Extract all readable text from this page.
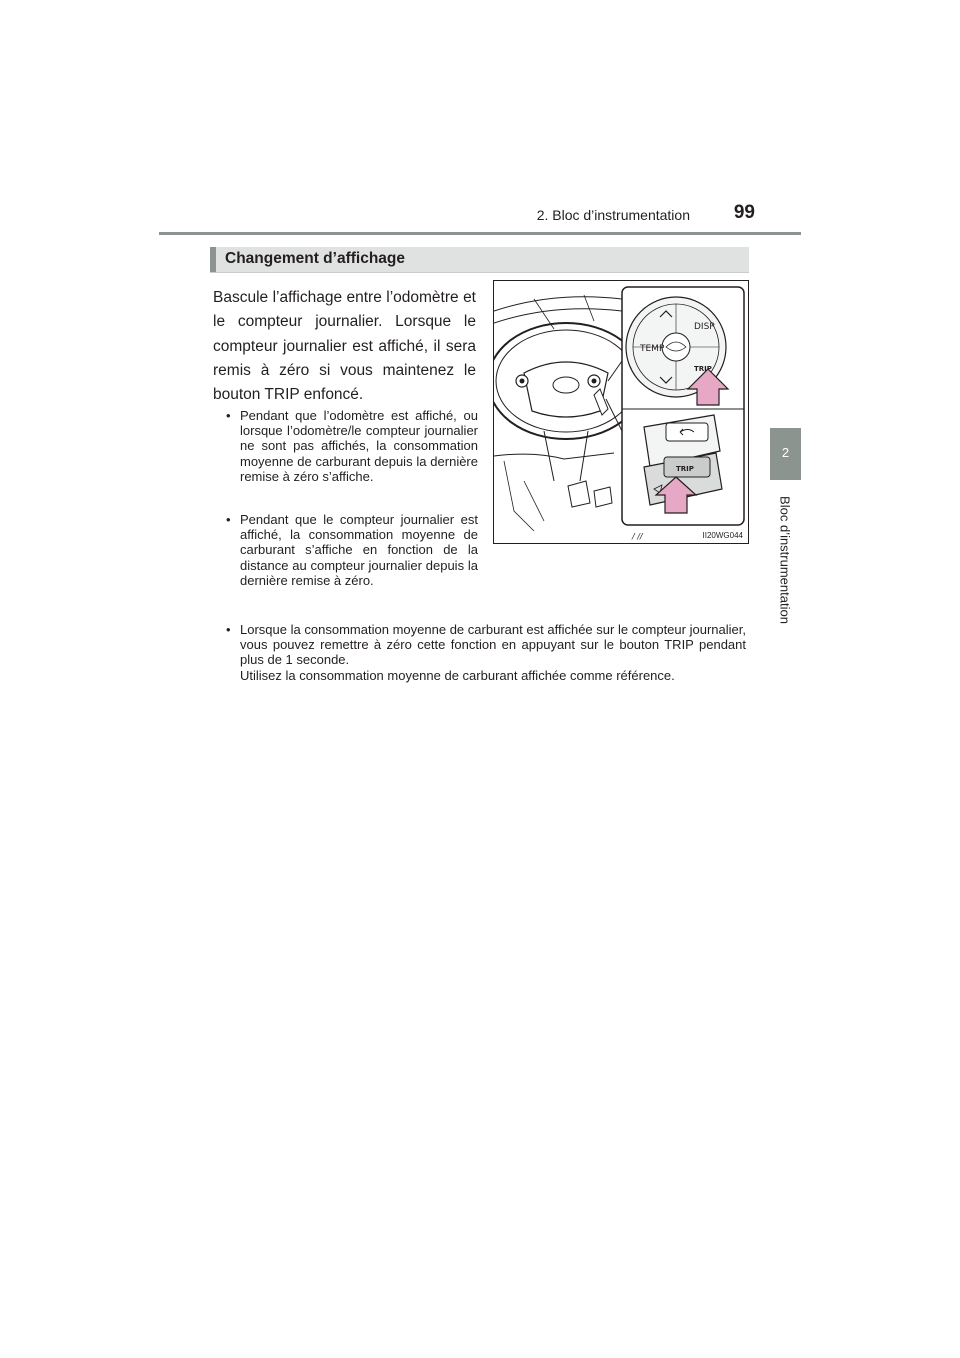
2. Bloc d’instrumentation	99
2
Bloc d’instrumentation
Changement d’affichage
Bascule l’affichage entre l’odomètre et le compteur journalier. Lorsque le compteur journalier est affiché, il sera remis à zéro si vous maintenez le bouton TRIP enfoncé.
• Pendant que l’odomètre est affiché, ou lorsque l’odomètre/le compteur journalier ne sont pas affichés, la consommation moyenne de carburant depuis la dernière remise à zéro s’affiche.
• Pendant que le compteur journalier est affiché, la consommation moyenne de carburant s’affiche en fonction de la distance au compteur journalier depuis la dernière remise à zéro.
• Lorsque la consommation moyenne de carburant est affichée sur le compteur journalier, vous pouvez remettre à zéro cette fonction en appuyant sur le bouton TRIP pendant plus de 1 seconde.
Utilisez la consommation moyenne de carburant affichée comme référence.
TEMP
DISP
TRIP
TRIP
/ //	II20WG044
